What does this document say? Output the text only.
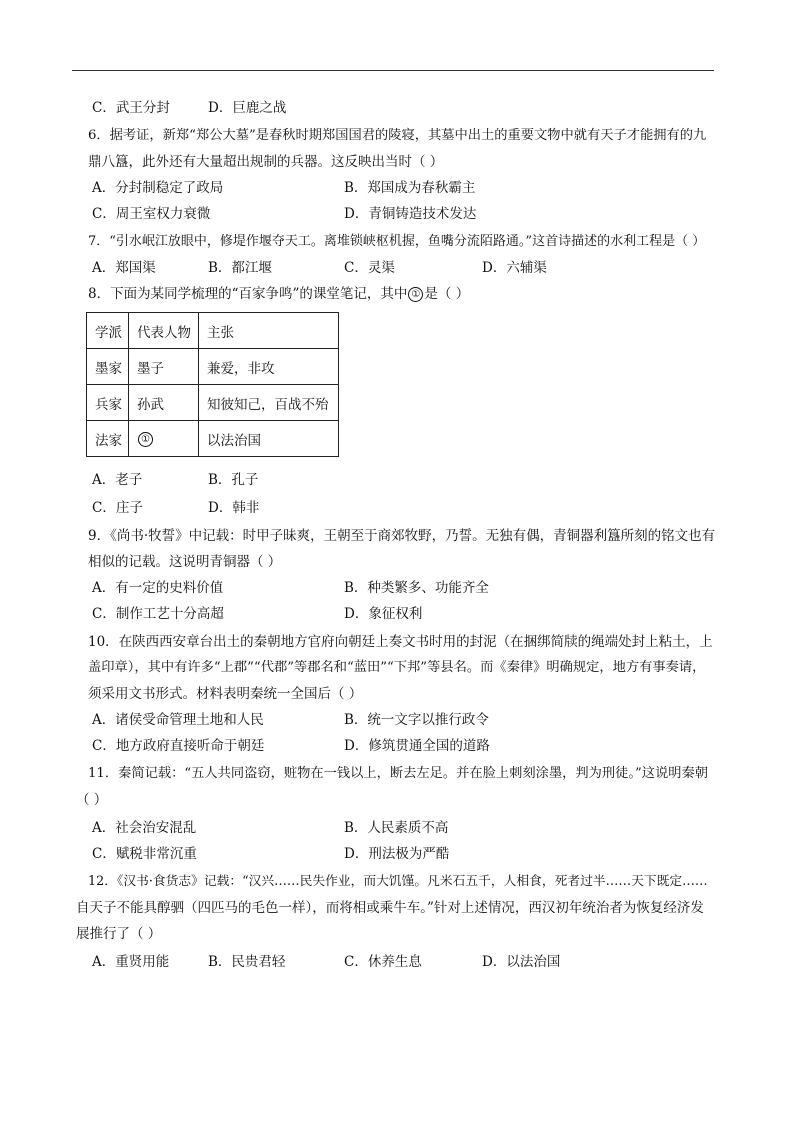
C．武王分封	D．巨鹿之战
6．据考证，新郑“郑公大墓”是春秋时期郑国国君的陵寝，其墓中出土的重要文物中就有天子才能拥有的九
鼎八簋，此外还有大量超出规制的兵器。这反映出当时（ ）
A．分封制稳定了政局	B．郑国成为春秋霸主
C．周王室权力衰微	D．青铜铸造技术发达
7．“引水岷江放眼中，修堤作堰夺天工。离堆锁峡枢机握，鱼嘴分流陌路通。”这首诗描述的水利工程是（ ）
A．郑国渠	B．都江堰	C．灵渠	D．六辅渠
8．下面为某同学梳理的“百家争鸣”的课堂笔记，其中 ① 是（ ）
学派	代表人物	主张
墨家	墨子	兼爱，非攻
兵家	孙武	知彼知己，百战不殆
法家	①	以法治国
A．老子	B．孔子
C．庄子	D．韩非
9．《尚书·牧誓》中记载：时甲子昧爽，王朝至于商郊牧野，乃誓。无独有偶，青铜器利簋所刻的铭文也有
相似的记载。这说明青铜器（ ）
A．有一定的史料价值	B．种类繁多、功能齐全
C．制作工艺十分高超	D．象征权利
10．在陕西西安章台出土的秦朝地方官府向朝廷上奏文书时用的封泥（在捆绑简牍的绳端处封上粘土，上
盖印章），其中有许多“上郡”“代郡”等郡名和“蓝田”“下邦”等县名。而《秦律》明确规定，地方有事奏请，
须采用文书形式。材料表明秦统一全国后（ ）
A．诸侯受命管理土地和人民	B．统一文字以推行政令
C．地方政府直接听命于朝廷	D．修筑贯通全国的道路
11．秦简记载：“五人共同盗窃，赃物在一钱以上，断去左足。并在脸上刺刻涂墨，判为刑徒。”这说明秦朝
（ ）
A．社会治安混乱	B．人民素质不高
C．赋税非常沉重	D．刑法极为严酷
12．《汉书·食货志》记载：“汉兴……民失作业，而大饥馑。凡米石五千，人相食，死者过半……天下既定……
自天子不能具醇驷（四匹马的毛色一样），而将相或乘牛车。”针对上述情况，西汉初年统治者为恢复经济发
展推行了（ ）
A．重贤用能	B．民贵君轻	C．休养生息	D．以法治国
